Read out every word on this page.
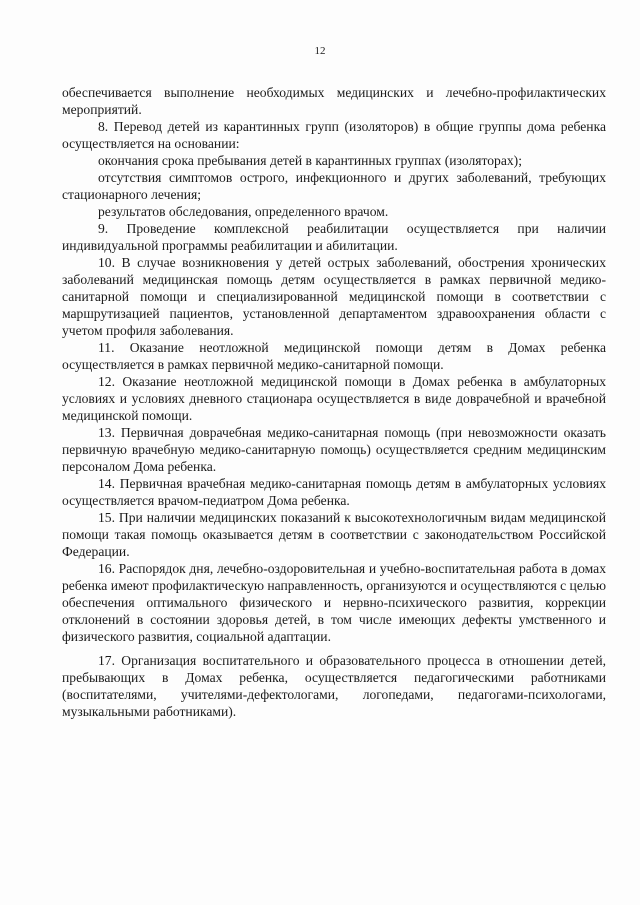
12

обеспечивается выполнение необходимых медицинских и лечебно-профилактических мероприятий.

8. Перевод детей из карантинных групп (изоляторов) в общие группы дома ребенка осуществляется на основании:

окончания срока пребывания детей в карантинных группах (изоляторах);

отсутствия симптомов острого, инфекционного и других заболеваний, требующих стационарного лечения;

результатов обследования, определенного врачом.

9. Проведение комплексной реабилитации осуществляется при наличии индивидуальной программы реабилитации и абилитации.

10. В случае возникновения у детей острых заболеваний, обострения хронических заболеваний медицинская помощь детям осуществляется в рамках первичной медико-санитарной помощи и специализированной медицинской помощи в соответствии с маршрутизацией пациентов, установленной департаментом здравоохранения области с учетом профиля заболевания.

11. Оказание неотложной медицинской помощи детям в Домах ребенка осуществляется в рамках первичной медико-санитарной помощи.

12. Оказание неотложной медицинской помощи в Домах ребенка в амбулаторных условиях и условиях дневного стационара осуществляется в виде доврачебной и врачебной медицинской помощи.

13. Первичная доврачебная медико-санитарная помощь (при невозможности оказать первичную врачебную медико-санитарную помощь) осуществляется средним медицинским персоналом Дома ребенка.

14. Первичная врачебная медико-санитарная помощь детям в амбулаторных условиях осуществляется врачом-педиатром Дома ребенка.

15. При наличии медицинских показаний к высокотехнологичным видам медицинской помощи такая помощь оказывается детям в соответствии с законодательством Российской Федерации.

16. Распорядок дня, лечебно-оздоровительная и учебно-воспитательная работа в домах ребенка имеют профилактическую направленность, организуются и осуществляются с целью обеспечения оптимального физического и нервно-психического развития, коррекции отклонений в состоянии здоровья детей, в том числе имеющих дефекты умственного и физического развития, социальной адаптации.

17. Организация воспитательного и образовательного процесса в отношении детей, пребывающих в Домах ребенка, осуществляется педагогическими работниками (воспитателями, учителями-дефектологами, логопедами, педагогами-психологами, музыкальными работниками).
